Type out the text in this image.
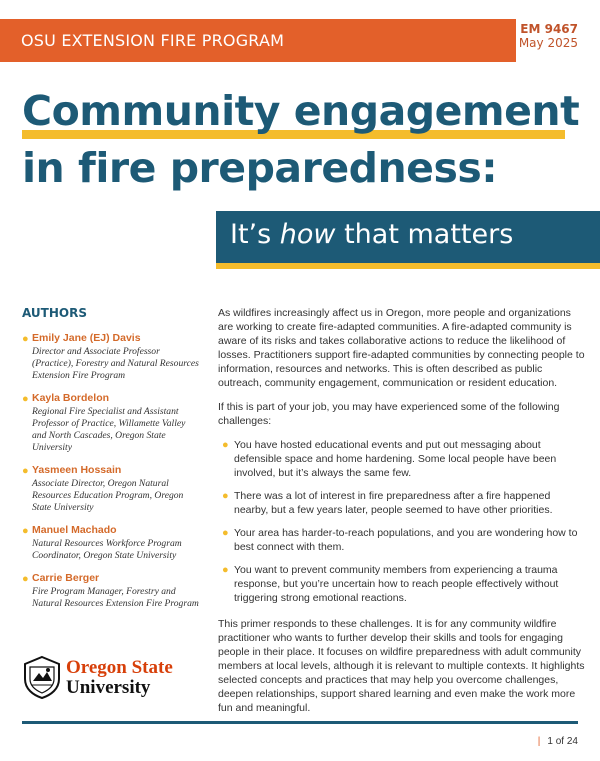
OSU EXTENSION FIRE PROGRAM
EM 9467
May 2025
Community engagement
in fire preparedness:
It’s how that matters
AUTHORS
● Emily Jane (EJ) Davis
Director and Associate Professor (Practice), Forestry and Natural Resources Extension Fire Program
● Kayla Bordelon
Regional Fire Specialist and Assistant Professor of Practice, Willamette Valley and North Cascades, Oregon State University
● Yasmeen Hossain
Associate Director, Oregon Natural Resources Education Program, Oregon State University
● Manuel Machado
Natural Resources Workforce Program Coordinator, Oregon State University
● Carrie Berger
Fire Program Manager, Forestry and Natural Resources Extension Fire Program
Oregon State
University

As wildfires increasingly affect us in Oregon, more people and organizations are working to create fire-adapted communities. A fire-adapted community is aware of its risks and takes collaborative actions to reduce the likelihood of losses. Practitioners support fire-adapted communities by connecting people to information, resources and networks. This is often described as public outreach, community engagement, communication or resident education.

If this is part of your job, you may have experienced some of the following challenges:

● You have hosted educational events and put out messaging about defensible space and home hardening. Some local people have been involved, but it’s always the same few.
● There was a lot of interest in fire preparedness after a fire happened nearby, but a few years later, people seemed to have other priorities.
● Your area has harder-to-reach populations, and you are wondering how to best connect with them.
● You want to prevent community members from experiencing a trauma response, but you’re uncertain how to reach people effectively without triggering strong emotional reactions.

This primer responds to these challenges. It is for any community wildfire practitioner who wants to further develop their skills and tools for engaging people in their place. It focuses on wildfire preparedness with adult community members at local levels, although it is relevant to multiple contexts. It highlights selected concepts and practices that may help you overcome challenges, deepen relationships, support shared learning and even make the work more fun and meaningful.

| 1 of 24
